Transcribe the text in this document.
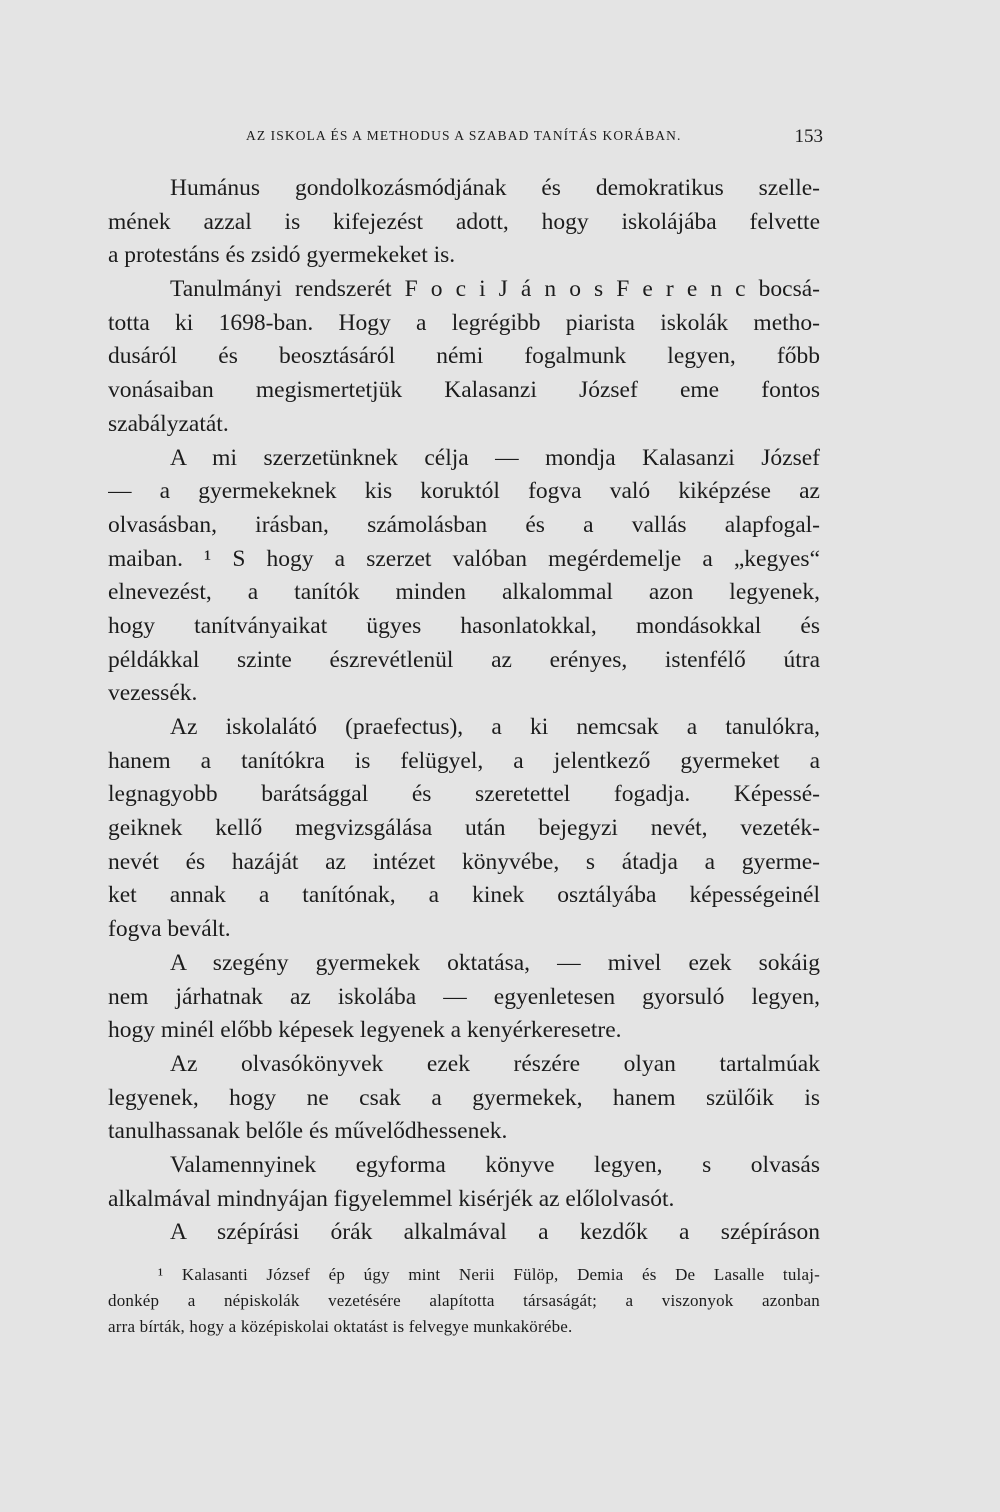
AZ ISKOLA ÉS A METHODUS A SZABAD TANÍTÁS KORÁBAN.	153
Humánus gondolkozásmódjának és demokratikus szelle-
mének azzal is kifejezést adott, hogy iskolájába felvette
a protestáns és zsidó gyermekeket is.
Tanulmányi rendszerét F o c i J á n o s F e r e n c bocsá-
totta ki 1698-ban. Hogy a legrégibb piarista iskolák metho-
dusáról és beosztásáról némi fogalmunk legyen, főbb
vonásaiban megismertetjük Kalasanzi József eme fontos
szabályzatát.
A mi szerzetünknek célja — mondja Kalasanzi József
— a gyermekeknek kis koruktól fogva való kiképzése az
olvasásban, irásban, számolásban és a vallás alapfogal-
maiban. ¹ S hogy a szerzet valóban megérdemelje a „kegyes“
elnevezést, a tanítók minden alkalommal azon legyenek,
hogy tanítványaikat ügyes hasonlatokkal, mondásokkal és
példákkal szinte észrevétlenül az erényes, istenfélő útra
vezessék.
Az iskolalátó (praefectus), a ki nemcsak a tanulókra,
hanem a tanítókra is felügyel, a jelentkező gyermeket a
legnagyobb barátsággal és szeretettel fogadja. Képessé-
geiknek kellő megvizsgálása után bejegyzi nevét, vezeték-
nevét és hazáját az intézet könyvébe, s átadja a gyerme-
ket annak a tanítónak, a kinek osztályába képességeinél
fogva bevált.
A szegény gyermekek oktatása, — mivel ezek sokáig
nem járhatnak az iskolába — egyenletesen gyorsuló legyen,
hogy minél előbb képesek legyenek a kenyérkeresetre.
Az olvasókönyvek ezek részére olyan tartalmúak
legyenek, hogy ne csak a gyermekek, hanem szülőik is
tanulhassanak belőle és művelődhessenek.
Valamennyinek egyforma könyve legyen, s olvasás
alkalmával mindnyájan figyelemmel kisérjék az előlolvasót.
A szépírási órák alkalmával a kezdők a szépíráson
¹ Kalasanti József ép úgy mint Nerii Fülöp, Demia és De Lasalle tulaj-
donkép a népiskolák vezetésére alapította társaságát; a viszonyok azonban
arra bírták, hogy a középiskolai oktatást is felvegye munkakörébe.
